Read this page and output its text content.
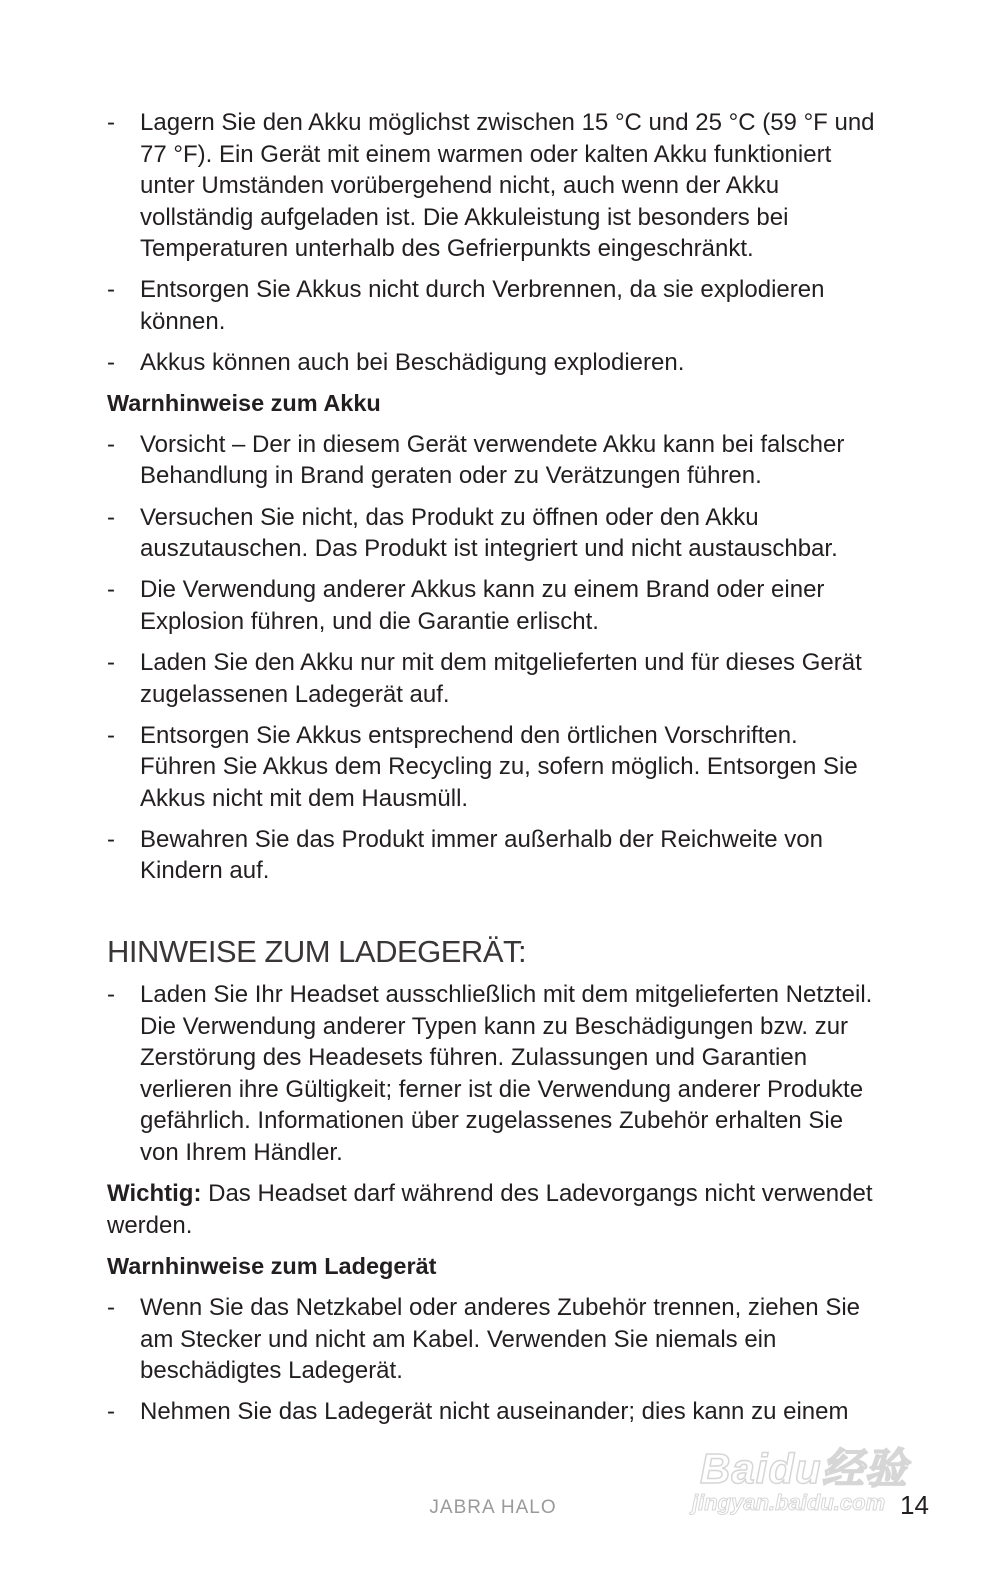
- Lagern Sie den Akku möglichst zwischen 15 °C und 25 °C (59 °F und 77 °F). Ein Gerät mit einem warmen oder kalten Akku funktioniert unter Umständen vorübergehend nicht, auch wenn der Akku vollständig aufgeladen ist. Die Akkuleistung ist besonders bei Temperaturen unterhalb des Gefrierpunkts eingeschränkt.
- Entsorgen Sie Akkus nicht durch Verbrennen, da sie explodieren können.
- Akkus können auch bei Beschädigung explodieren.
Warnhinweise zum Akku
- Vorsicht – Der in diesem Gerät verwendete Akku kann bei falscher Behandlung in Brand geraten oder zu Verätzungen führen.
- Versuchen Sie nicht, das Produkt zu öffnen oder den Akku auszutauschen. Das Produkt ist integriert und nicht austauschbar.
- Die Verwendung anderer Akkus kann zu einem Brand oder einer Explosion führen, und die Garantie erlischt.
- Laden Sie den Akku nur mit dem mitgelieferten und für dieses Gerät zugelassenen Ladegerät auf.
- Entsorgen Sie Akkus entsprechend den örtlichen Vorschriften. Führen Sie Akkus dem Recycling zu, sofern möglich. Entsorgen Sie Akkus nicht mit dem Hausmüll.
- Bewahren Sie das Produkt immer außerhalb der Reichweite von Kindern auf.
HINWEISE ZUM LADEGERÄT:
- Laden Sie Ihr Headset ausschließlich mit dem mitgelieferten Netzteil. Die Verwendung anderer Typen kann zu Beschädigungen bzw. zur Zerstörung des Headesets führen. Zulassungen und Garantien verlieren ihre Gültigkeit; ferner ist die Verwendung anderer Produkte gefährlich. Informationen über zugelassenes Zubehör erhalten Sie von Ihrem Händler.

Wichtig: Das Headset darf während des Ladevorgangs nicht verwendet werden.

Warnhinweise zum Ladegerät
- Wenn Sie das Netzkabel oder anderes Zubehör trennen, ziehen Sie am Stecker und nicht am Kabel. Verwenden Sie niemals ein beschädigtes Ladegerät.
- Nehmen Sie das Ladegerät nicht auseinander; dies kann zu einem
JABRA HALO	14
Baidu经验
jingyan.baidu.com
